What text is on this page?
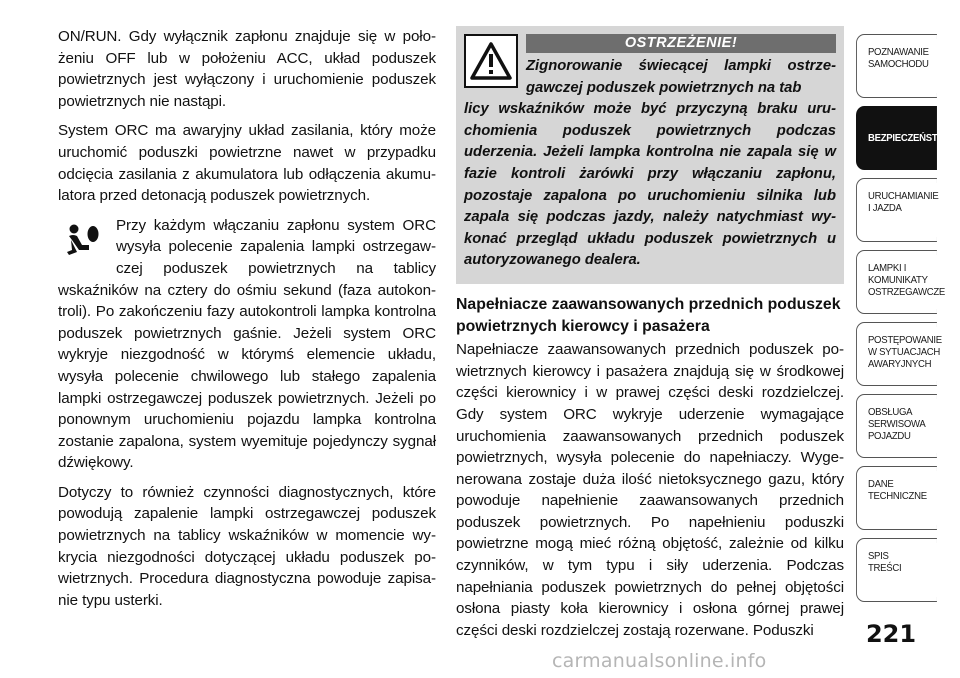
ON/RUN. Gdy wyłącznik zapłonu znajduje się w położeniu OFF lub w położeniu ACC, układ poduszek powietrznych jest wyłączony i uruchomienie poduszek powietrznych nie nastąpi.

System ORC ma awaryjny układ zasilania, który może uruchomić poduszki powietrzne nawet w przypadku odcięcia zasilania z akumulatora lub odłączenia akumulatora przed detonacją poduszek powietrznych.

Przy każdym włączaniu zapłonu system ORC wysyła polecenie zapalenia lampki ostrzegawczej poduszek powietrznych na tablicy wskaźników na cztery do ośmiu sekund (faza autokontroli). Po zakończeniu fazy autokontroli lampka kontrolna poduszek powietrznych gaśnie. Jeżeli system ORC wykryje niezgodność w którymś elemencie układu, wysyła polecenie chwilowego lub stałego zapalenia lampki ostrzegawczej poduszek powietrznych. Jeżeli po ponownym uruchomieniu pojazdu lampka kontrolna zostanie zapalona, system wyemituje pojedynczy sygnał dźwiękowy.

Dotyczy to również czynności diagnostycznych, które powodują zapalenie lampki ostrzegawczej poduszek powietrznych na tablicy wskaźników w momencie wykrycia niezgodności dotyczącej układu poduszek powietrznych. Procedura diagnostyczna powoduje zapisanie typu usterki.

OSTRZEŻENIE!
Zignorowanie świecącej lampki ostrzegawczej poduszek powietrznych na tab
licy wskaźników może być przyczyną braku uruchomienia poduszek powietrznych podczas uderzenia. Jeżeli lampka kontrolna nie zapala się w fazie kontroli żarówki przy włączaniu zapłonu, pozostaje zapalona po uruchomieniu silnika lub zapala się podczas jazdy, należy natychmiast wykonać przegląd układu poduszek powietrznych u autoryzowanego dealera.
Napełniacze zaawansowanych przednich poduszek powietrznych kierowcy i pasażera

Napełniacze zaawansowanych przednich poduszek powietrznych kierowcy i pasażera znajdują się w środkowej części kierownicy i w prawej części deski rozdzielczej. Gdy system ORC wykryje uderzenie wymagające uruchomienia zaawansowanych przednich poduszek powietrznych, wysyła polecenie do napełniaczy. Wygenerowana zostaje duża ilość nietoksycznego gazu, który powoduje napełnienie zaawansowanych przednich poduszek powietrznych. Po napełnieniu poduszki powietrzne mogą mieć różną objętość, zależnie od kilku czynników, w tym typu i siły uderzenia. Podczas napełniania poduszek powietrznych do pełnej objętości osłona piasty koła kierownicy i osłona górnej prawej części deski rozdzielczej zostają rozerwane. Poduszki

POZNAWANIE
SAMOCHODU
BEZPIECZEŃSTWO
URUCHAMIANIE
I JAZDA
LAMPKI I
KOMUNIKATY
OSTRZEGAWCZE
POSTĘPOWANIE
W SYTUACJACH
AWARYJNYCH
OBSŁUGA
SERWISOWA
POJAZDU
DANE
TECHNICZNE
SPIS
TREŚCI
221
carmanualsonline.info
